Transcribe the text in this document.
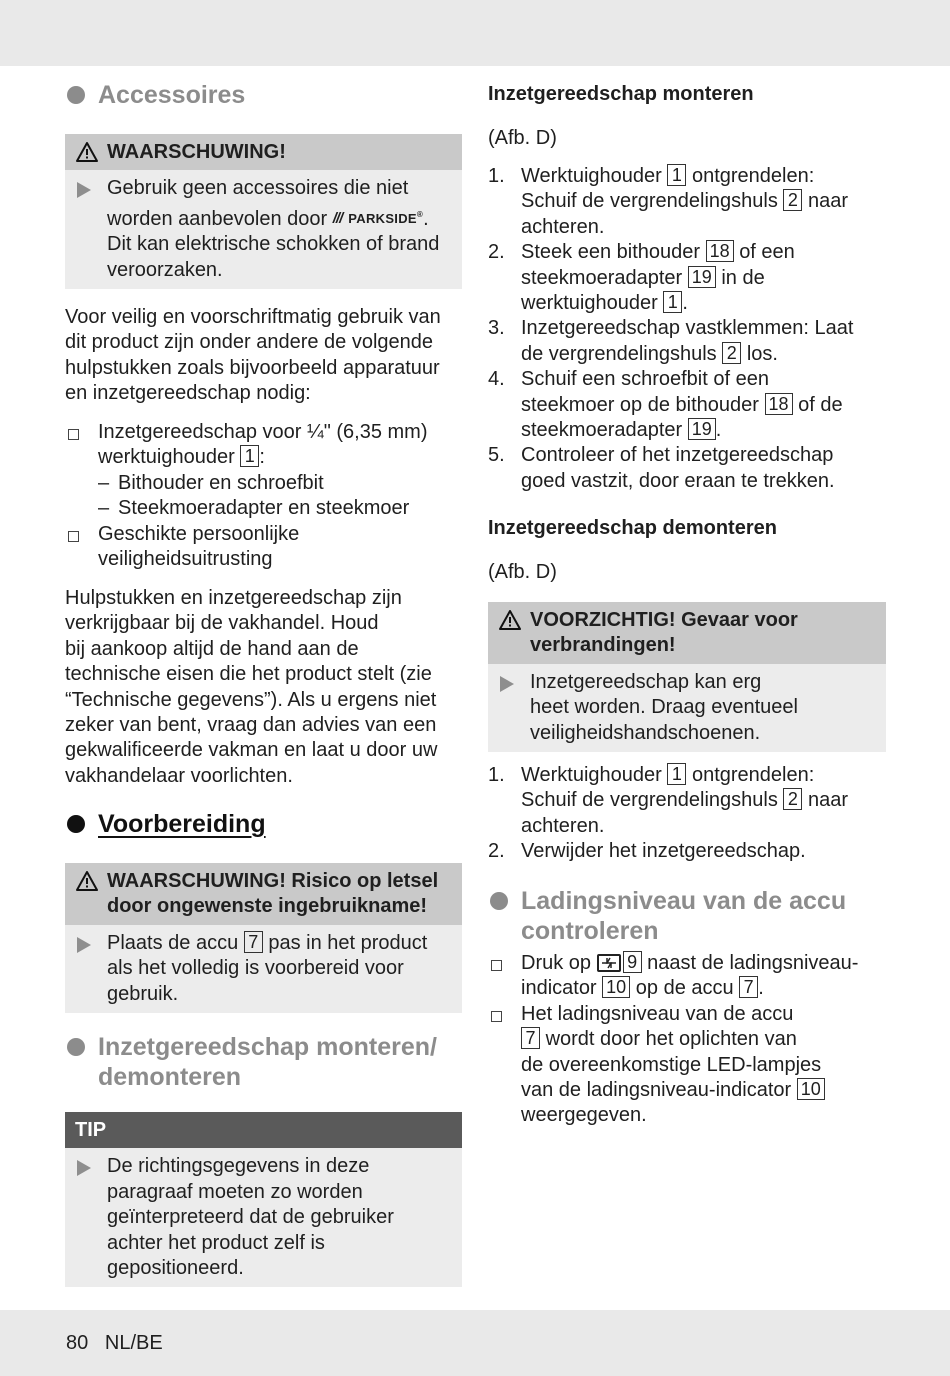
Accessoires
WAARSCHUWING!

Gebruik geen accessoires die niet

worden aanbevolen door /// PARKSIDE®.

Dit kan elektrische schokken of brand

veroorzaken.

Voor veilig en voorschriftmatig gebruik van

dit product zijn onder andere de volgende

hulpstukken zoals bijvoorbeeld apparatuur

en inzetgereedschap nodig:

Inzetgereedschap voor ¼" (6,35 mm)

werktuighouder 1 :

– Bithouder en schroefbit
– Steekmoeradapter en steekmoer

Geschikte persoonlijke

veiligheidsuitrusting

Hulpstukken en inzetgereedschap zijn

verkrijgbaar bij de vakhandel. Houd

bij aankoop altijd de hand aan de

technische eisen die het product stelt (zie

“Technische gegevens”). Als u ergens niet

zeker van bent, vraag dan advies van een

gekwalificeerde vakman en laat u door uw

vakhandelaar voorlichten.

Voorbereiding

WAARSCHUWING! Risico op letsel

door ongewenste ingebruikname!

Plaats de accu 7 pas in het product

als het volledig is voorbereid voor

gebruik.

Inzetgereedschap monteren/

demonteren

TIP

De richtingsgegevens in deze

paragraaf moeten zo worden

geïnterpreteerd dat de gebruiker

achter het product zelf is

gepositioneerd.

Inzetgereedschap monteren

(Afb. D)

1. Werktuighouder 1 ontgrendelen:

Schuif de vergrendelingshuls 2 naar

achteren.

2. Steek een bithouder 18 of een

steekmoeradapter 19 in de

werktuighouder 1 .

3. Inzetgereedschap vastklemmen: Laat

de vergrendelingshuls 2 los.

4. Schuif een schroefbit of een

steekmoer op de bithouder 18 of de

steekmoeradapter 19 .

5. Controleer of het inzetgereedschap

goed vastzit, door eraan te trekken.

Inzetgereedschap demonteren

(Afb. D)

VOORZICHTIG! Gevaar voor

verbrandingen!

Inzetgereedschap kan erg

heet worden. Draag eventueel

veiligheidshandschoenen.

1. Werktuighouder 1 ontgrendelen:

Schuif de vergrendelingshuls 2 naar

achteren.

2. Verwijder het inzetgereedschap.

Ladingsniveau van de accu

controleren

Druk op 9 naast de ladingsniveau-

indicator 10 op de accu 7 .

Het ladingsniveau van de accu

7 wordt door het oplichten van

de overeenkomstige LED-lampjes

van de ladingsniveau-indicator 10

weergegeven.

80 NL/BE
